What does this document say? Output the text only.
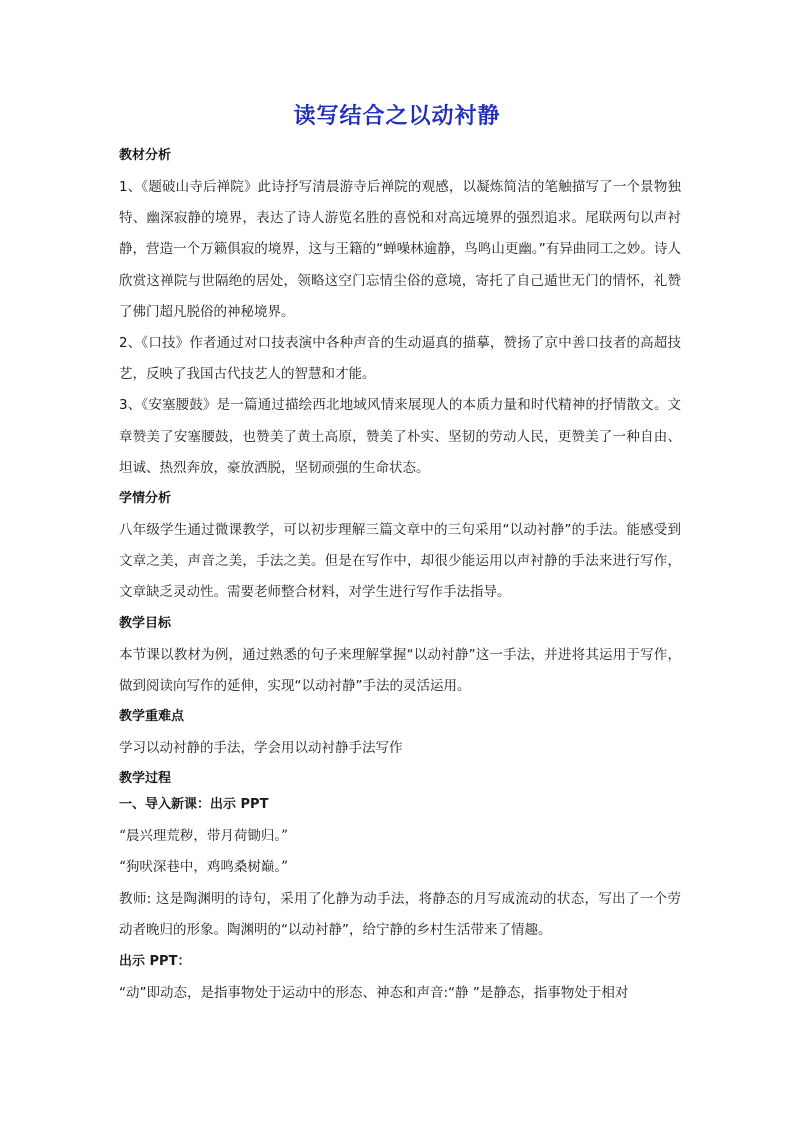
读写结合之以动衬静
教材分析

1、《题破山寺后禅院》此诗抒写清晨游寺后禅院的观感，以凝炼简洁的笔触描写了一个景物独特、幽深寂静的境界，表达了诗人游览名胜的喜悦和对高远境界的强烈追求。尾联两句以声衬静，营造一个万籁俱寂的境界，这与王籍的“蝉噪林逾静，鸟鸣山更幽。”有异曲同工之妙。诗人欣赏这禅院与世隔绝的居处，领略这空门忘情尘俗的意境，寄托了自己遁世无门的情怀，礼赞了佛门超凡脱俗的神秘境界。

2、《口技》作者通过对口技表演中各种声音的生动逼真的描摹，赞扬了京中善口技者的高超技艺，反映了我国古代技艺人的智慧和才能。

3、《安塞腰鼓》是一篇通过描绘西北地域风情来展现人的本质力量和时代精神的抒情散文。文章赞美了安塞腰鼓，也赞美了黄土高原，赞美了朴实、坚韧的劳动人民，更赞美了一种自由、坦诚、热烈奔放，豪放洒脱，坚韧顽强的生命状态。

学情分析

八年级学生通过微课教学，可以初步理解三篇文章中的三句采用“以动衬静”的手法。能感受到文章之美，声音之美，手法之美。但是在写作中，却很少能运用以声衬静的手法来进行写作，文章缺乏灵动性。需要老师整合材料，对学生进行写作手法指导。

教学目标

本节课以教材为例，通过熟悉的句子来理解掌握“以动衬静”这一手法，并进将其运用于写作，做到阅读向写作的延伸，实现“以动衬静”手法的灵活运用。

教学重难点

学习以动衬静的手法，学会用以动衬静手法写作

教学过程
一、导入新课：出示 PPT

“晨兴理荒秽，带月荷锄归。”

“狗吠深巷中，鸡鸣桑树巅。”

教师: 这是陶渊明的诗句，采用了化静为动手法，将静态的月写成流动的状态，写出了一个劳动者晚归的形象。陶渊明的“以动衬静”，给宁静的乡村生活带来了情趣。

出示 PPT：

“动”即动态，是指事物处于运动中的形态、神态和声音:“静 ”是静态，指事物处于相对
